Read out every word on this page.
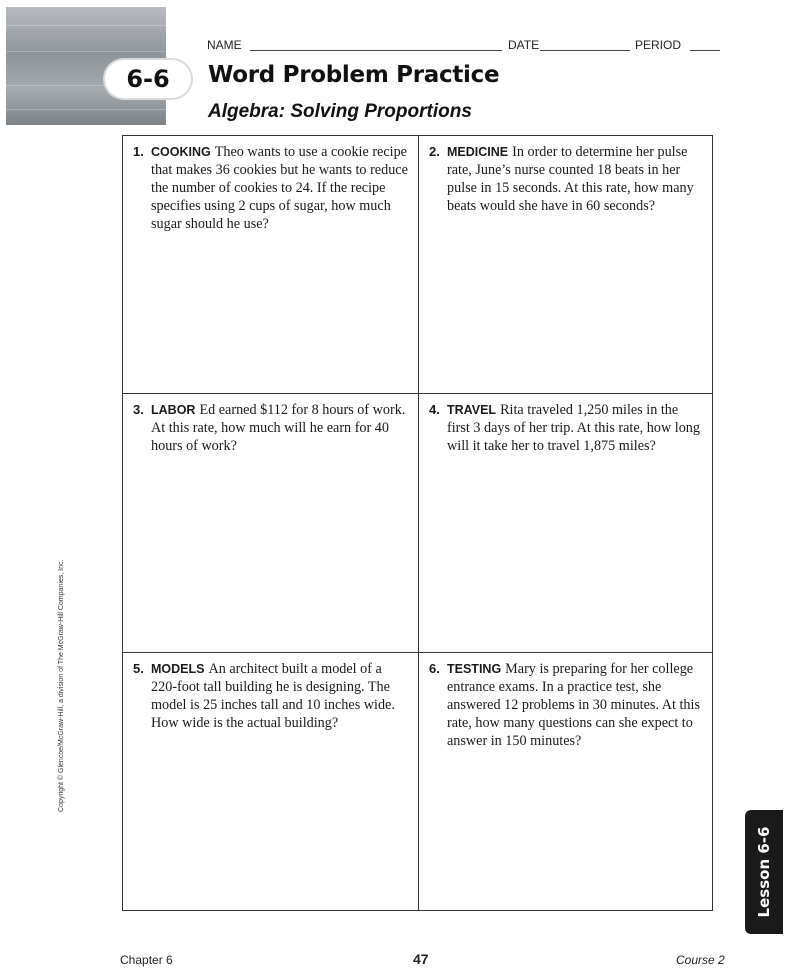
6-6
NAME	DATE	PERIOD
Word Problem Practice
Algebra: Solving Proportions
1. COOKING Theo wants to use a cookie recipe that makes 36 cookies but he wants to reduce the number of cookies to 24. If the recipe specifies using 2 cups of sugar, how much sugar should he use?
2. MEDICINE In order to determine her pulse rate, June’s nurse counted 18 beats in her pulse in 15 seconds. At this rate, how many beats would she have in 60 seconds?
3. LABOR Ed earned $112 for 8 hours of work. At this rate, how much will he earn for 40 hours of work?
4. TRAVEL Rita traveled 1,250 miles in the first 3 days of her trip. At this rate, how long will it take her to travel 1,875 miles?
5. MODELS An architect built a model of a 220-foot tall building he is designing. The model is 25 inches tall and 10 inches wide. How wide is the actual building?
6. TESTING Mary is preparing for her college entrance exams. In a practice test, she answered 12 problems in 30 minutes. At this rate, how many questions can she expect to answer in 150 minutes?
Copyright © Glencoe/McGraw-Hill, a division of The McGraw-Hill Companies, Inc.
Lesson 6-6
Chapter 6	47	Course 2
